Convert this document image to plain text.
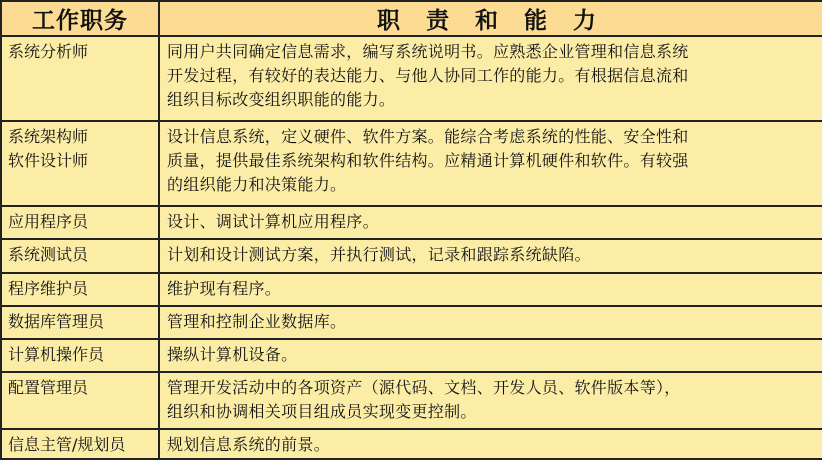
工作职务	职 责 和 能 力

系统分析师	同用户共同确定信息需求，编写系统说明书。应熟悉企业管理和信息系统
开发过程，有较好的表达能力、与他人协同工作的能力。有根据信息流和
组织目标改变组织职能的能力。

系统架构师
软件设计师	设计信息系统，定义硬件、软件方案。能综合考虑系统的性能、安全性和
质量，提供最佳系统架构和软件结构。应精通计算机硬件和软件。有较强
的组织能力和决策能力。

应用程序员	设计、调试计算机应用程序。

系统测试员	计划和设计测试方案，并执行测试，记录和跟踪系统缺陷。

程序维护员	维护现有程序。

数据库管理员	管理和控制企业数据库。

计算机操作员	操纵计算机设备。

配置管理员	管理开发活动中的各项资产（源代码、文档、开发人员、软件版本等），
组织和协调相关项目组成员实现变更控制。

信息主管/规划员	规划信息系统的前景。
